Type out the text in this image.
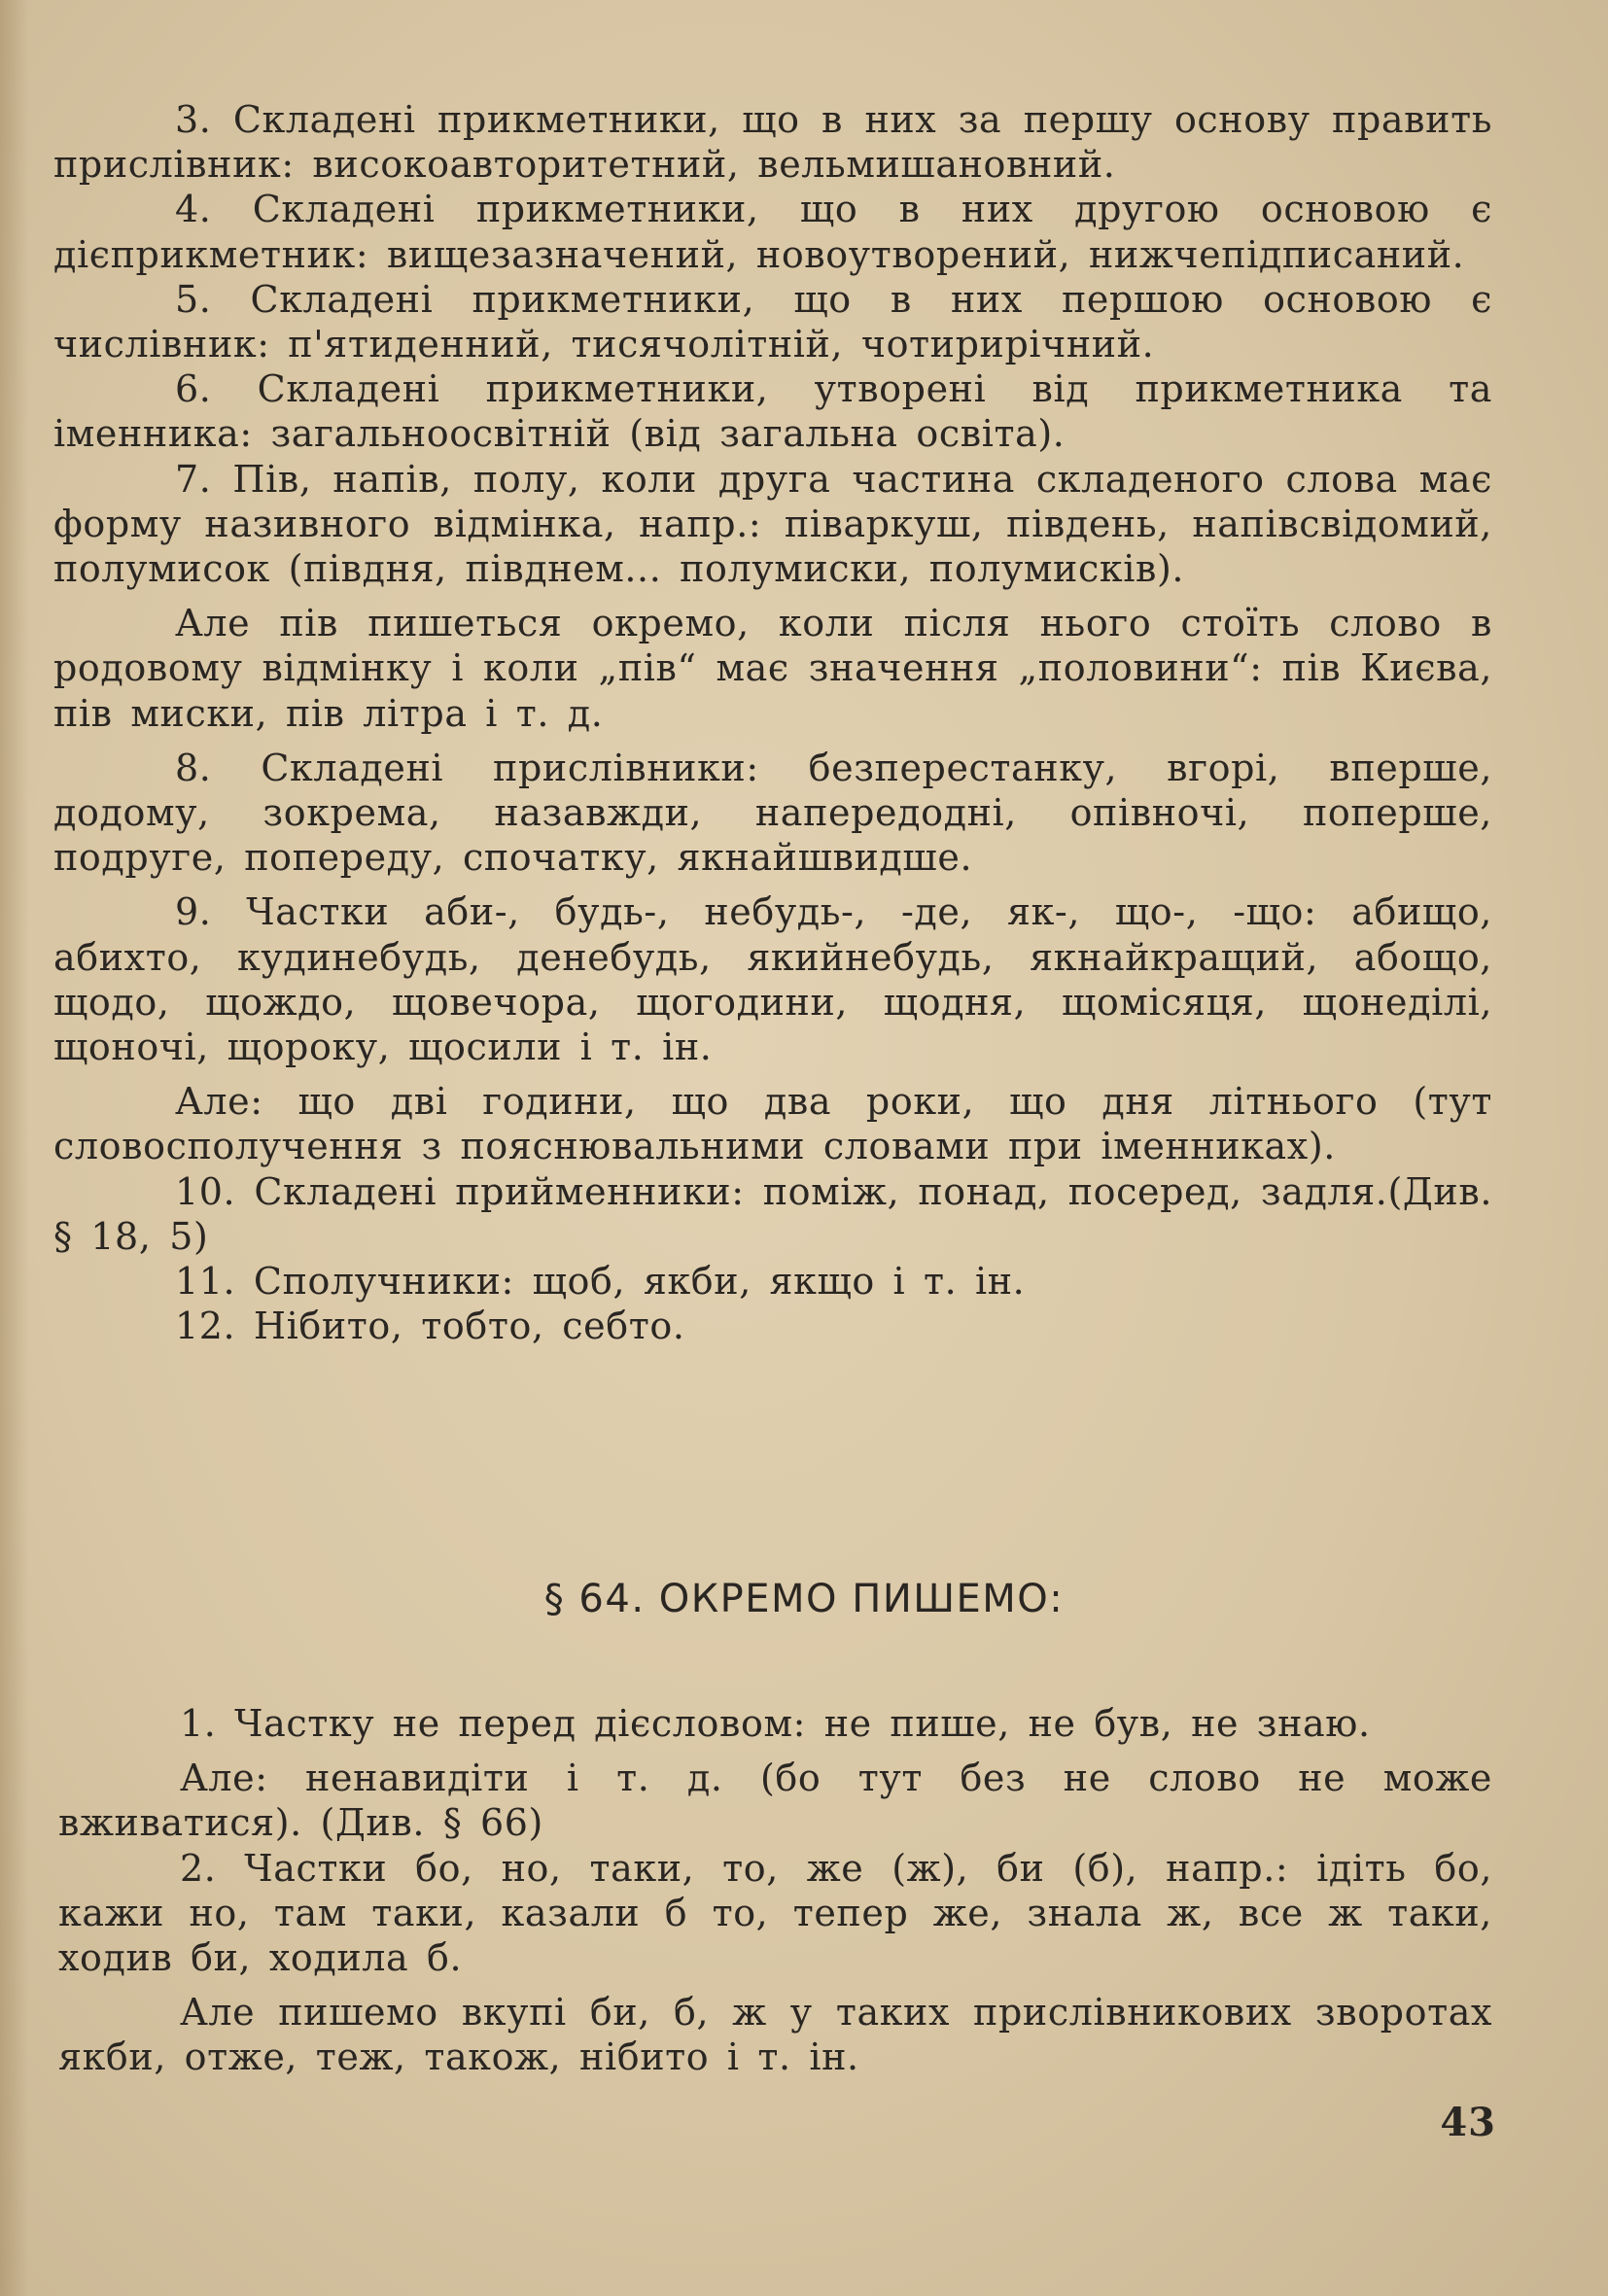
3. Складені прикметники, що в них за першу основу править прислівник: високоавторитетний, вельмишановний.

4. Складені прикметники, що в них другою основою є дієприкметник: вищезазначений, новоутворений, нижчепідписаний.

5. Складені прикметники, що в них першою основою є числівник: п'ятиденний, тисячолітній, чотирирічний.

6. Складені прикметники, утворені від прикметника та іменника: загальноосвітній (від загальна освіта).

7. Пів, напів, полу, коли друга частина складеного слова має форму називного відмінка, напр.: піваркуш, південь, напівсвідомий, полумисок (півдня, півднем... полумиски, полумисків).

Але пів пишеться окремо, коли після нього стоїть слово в родовому відмінку і коли „пів“ має значення „половини“: пів Києва, пів миски, пів літра і т. д.

8. Складені прислівники: безперестанку, вгорі, вперше, додому, зокрема, назавжди, напередодні, опівночі, поперше, подруге, попереду, спочатку, якнайшвидше.

9. Частки аби-, будь-, небудь-, -де, як-, що-, -що: абищо, абихто, кудинебудь, денебудь, якийнебудь, якнайкращий, абощо, щодо, щождо, щовечора, щогодини, щодня, щомісяця, щонеділі, щоночі, щороку, щосили і т. ін.

Але: що дві години, що два роки, що дня літнього (тут словосполучення з пояснювальними словами при іменниках).

10. Складені прийменники: поміж, понад, посеред, задля.(Див. § 18, 5)

11. Сполучники: щоб, якби, якщо і т. ін.

12. Нібито, тобто, себто.

§ 64. ОКРЕМО ПИШЕМО:

1. Частку не перед дієсловом: не пише, не був, не знаю.

Але: ненавидіти і т. д. (бо тут без не слово не може вживатися). (Див. § 66)

2. Частки бо, но, таки, то, же (ж), би (б), напр.: ідіть бо, кажи но, там таки, казали б то, тепер же, знала ж, все ж таки, ходив би, ходила б.

Але пишемо вкупі би, б, ж у таких прислівникових зворотах якби, отже, теж, також, нібито і т. ін.

43
